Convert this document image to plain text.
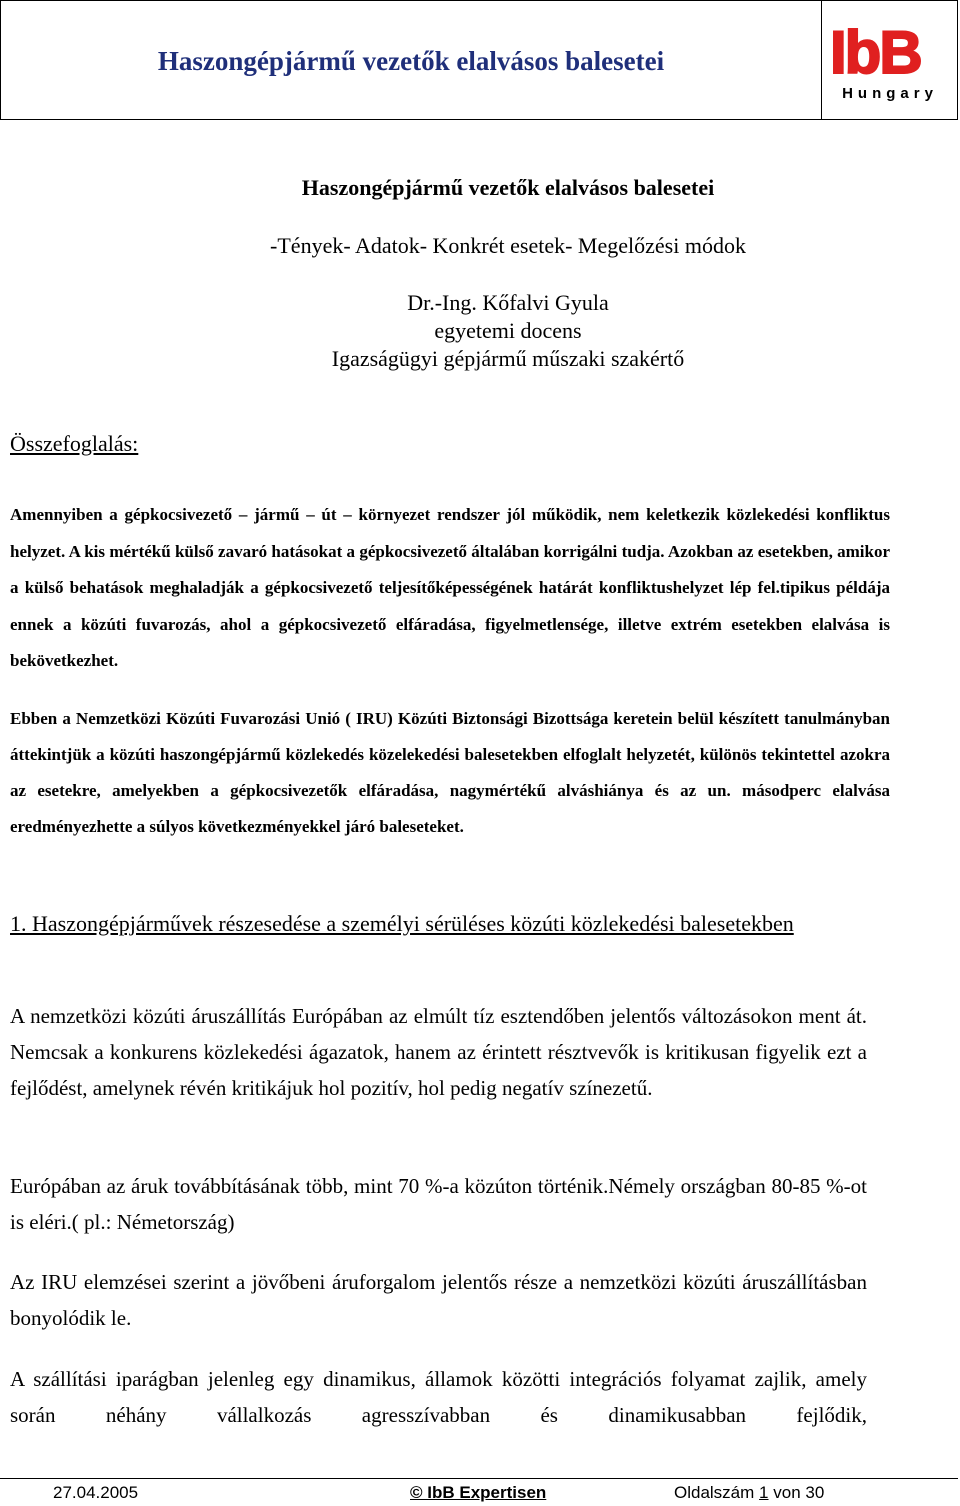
Haszongépjármű vezetők elalvásos balesetei	IbB
Hungary
Haszongépjármű vezetők elalvásos balesetei
-Tények- Adatok- Konkrét esetek- Megelőzési módok
Dr.-Ing. Kőfalvi Gyula
egyetemi docens
Igazságügyi gépjármű műszaki szakértő
Összefoglalás:
Amennyiben a gépkocsivezető – jármű – út – környezet rendszer jól működik, nem keletkezik közlekedési konfliktus helyzet. A kis mértékű külső zavaró hatásokat a gépkocsivezető általában korrigálni tudja. Azokban az esetekben, amikor a külső behatások meghaladják a gépkocsivezető teljesítőképességének határát konfliktushelyzet lép fel.tipikus példája ennek a közúti fuvarozás, ahol a gépkocsivezető elfáradása, figyelmetlensége, illetve extrém esetekben elalvása is bekövetkezhet.
Ebben a Nemzetközi Közúti Fuvarozási Unió ( IRU) Közúti Biztonsági Bizottsága keretein belül készített tanulmányban áttekintjük a közúti haszongépjármű közlekedés közelekedési balesetekben elfoglalt helyzetét, különös tekintettel azokra az esetekre, amelyekben a gépkocsivezetők elfáradása, nagymértékű alváshiánya és az un. másodperc elalvása eredményezhette a súlyos következményekkel járó baleseteket.
1. Haszongépjárművek részesedése a személyi sérüléses közúti közlekedési balesetekben
A nemzetközi közúti áruszállítás Európában az elmúlt tíz esztendőben jelentős változásokon ment át. Nemcsak a konkurens közlekedési ágazatok, hanem az érintett résztvevők is kritikusan figyelik ezt a fejlődést, amelynek révén kritikájuk hol pozitív, hol pedig negatív színezetű.
Európában az áruk továbbításának több, mint 70 %-a közúton történik.Némely országban 80-85 %-ot is eléri.( pl.: Németország)
Az IRU elemzései szerint a jövőbeni áruforgalom jelentős része a nemzetközi közúti áruszállításban bonyolódik le.
A szállítási iparágban jelenleg egy dinamikus, államok közötti integrációs folyamat zajlik, amely során néhány vállalkozás agresszívabban és dinamikusabban fejlődik,
27.04.2005	© IbB Expertisen	Oldalszám 1 von 30
